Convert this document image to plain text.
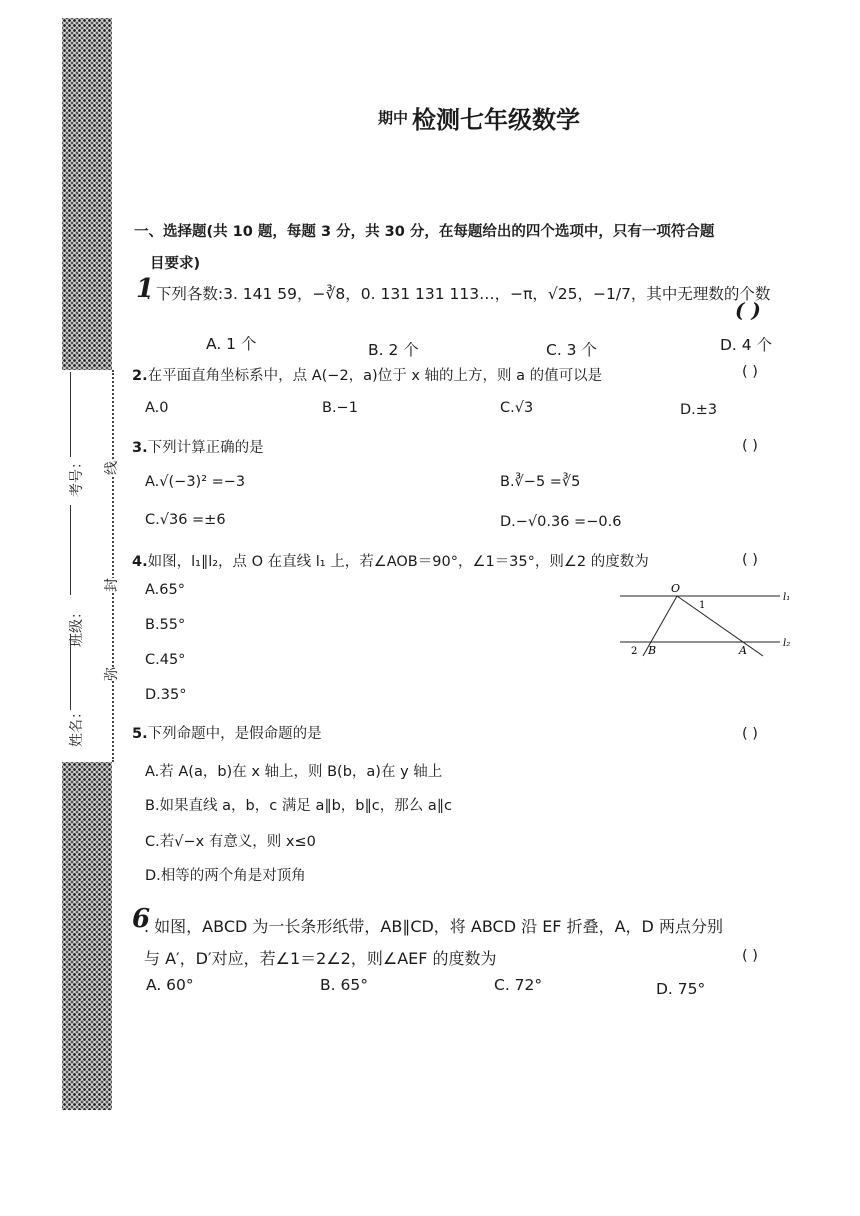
考号：
班级：
姓名：
线
封
弥
期中 检测七年级数学
一、选择题(共 10 题，每题 3 分，共 30 分，在每题给出的四个选项中，只有一项符合题
目要求)
1
. 下列各数:3. 141 59，−∛8，0. 131 131 113…，−π，√25，−1/7，其中无理数的个数
( )
A. 1 个	B. 2 个	C. 3 个	D. 4 个
2.在平面直角坐标系中，点 A(−2，a)位于 x 轴的上方，则 a 的值可以是	( )
A.0	B.−1	C.√3	D.±3
3.下列计算正确的是	( )
A.√(−3)² =−3	B.∛−5 =∛5
C.√36 =±6	D.−√0.36 =−0.6
4.如图，l₁∥l₂，点 O 在直线 l₁ 上，若∠AOB＝90°，∠1＝35°，则∠2 的度数为	( )
A.65°
B.55°
C.45°
D.35°
O
1
2 B	A
l₁
l₂
5.下列命题中，是假命题的是	( )
A.若 A(a，b)在 x 轴上，则 B(b，a)在 y 轴上
B.如果直线 a，b，c 满足 a∥b，b∥c，那么 a∥c
C.若√−x 有意义，则 x≤0
D.相等的两个角是对顶角
6
. 如图，ABCD 为一长条形纸带，AB∥CD，将 ABCD 沿 EF 折叠，A，D 两点分别
与 A′，D′对应，若∠1＝2∠2，则∠AEF 的度数为	( )
A. 60°	B. 65°	C. 72°	D. 75°
